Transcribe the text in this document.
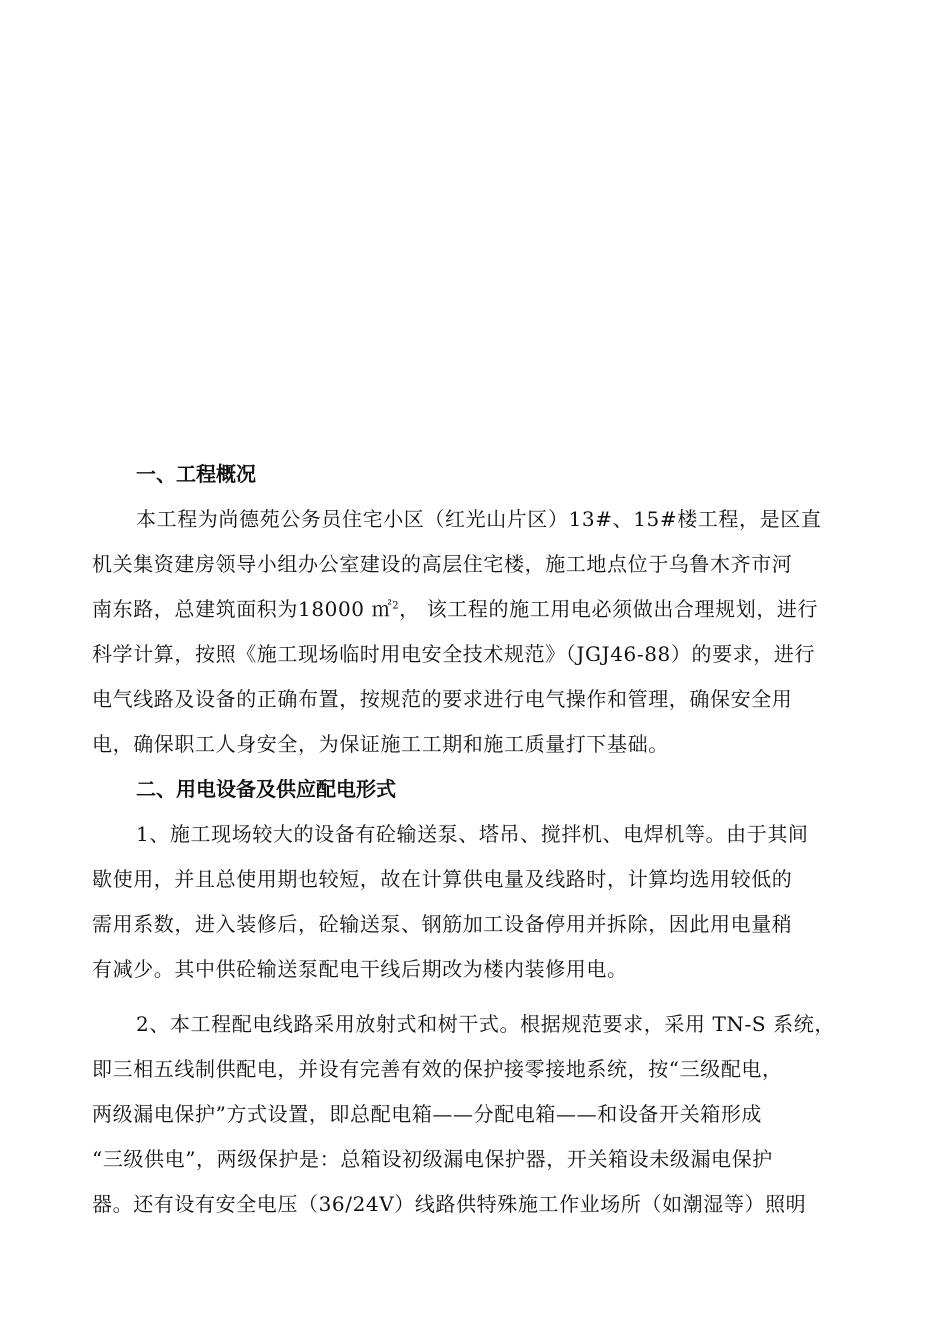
一、工程概况
本工程为尚德苑公务员住宅小区（红光山片区）13#、15#楼工程，是区直
机关集资建房领导小组办公室建设的高层住宅楼，施工地点位于乌鲁木齐市河
南东路，总建筑面积为18000 ㎡$^2$， 该工程的施工用电必须做出合理规划，进行
科学计算，按照《施工现场临时用电安全技术规范》（JGJ46-88）的要求，进行
电气线路及设备的正确布置，按规范的要求进行电气操作和管理，确保安全用
电，确保职工人身安全，为保证施工工期和施工质量打下基础。
二、用电设备及供应配电形式
1、施工现场较大的设备有砼输送泵、塔吊、搅拌机、电焊机等。由于其间
歇使用，并且总使用期也较短，故在计算供电量及线路时，计算均选用较低的
需用系数，进入装修后，砼输送泵、钢筋加工设备停用并拆除，因此用电量稍
有减少。其中供砼输送泵配电干线后期改为楼内装修用电。
2、本工程配电线路采用放射式和树干式。根据规范要求，采用 TN-S 系统，
即三相五线制供配电，并设有完善有效的保护接零接地系统，按“三级配电，
两级漏电保护”方式设置，即总配电箱——分配电箱——和设备开关箱形成
“三级供电”，两级保护是：总箱设初级漏电保护器，开关箱设未级漏电保护
器。还有设有安全电压（36/24V）线路供特殊施工作业场所（如潮湿等）照明
